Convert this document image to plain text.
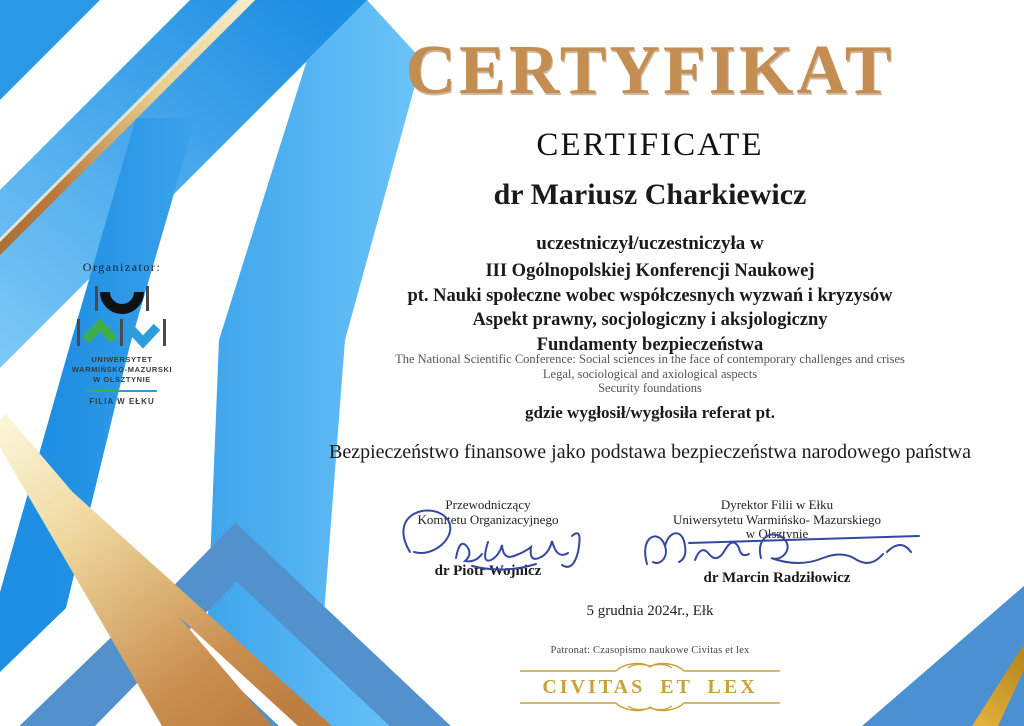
Organizator:
UNIWERSYTET
WARMIŃSKO-MAZURSKI
W OLSZTYNIE
FILIA W EŁKU
CERTYFIKAT
CERTIFICATE
dr Mariusz Charkiewicz
uczestniczył/uczestniczyła w
III Ogólnopolskiej Konferencji Naukowej
pt. Nauki społeczne wobec współczesnych wyzwań i kryzysów
Aspekt prawny, socjologiczny i aksjologiczny
Fundamenty bezpieczeństwa
The National Scientific Conference: Social sciences in the face of contemporary challenges and crises
Legal, sociological and axiological aspects
Security foundations
gdzie wygłosił/wygłosiła referat pt.
Bezpieczeństwo finansowe jako podstawa bezpieczeństwa narodowego państwa
Przewodniczący
Komitetu Organizacyjnego
dr Piotr Wojnicz
Dyrektor Filii w Ełku
Uniwersytetu Warmińsko- Mazurskiego
w Olsztynie
dr Marcin Radziłowicz
5 grudnia 2024r., Ełk
Patronat: Czasopismo naukowe Civitas et lex
CIVITAS ET LEX
